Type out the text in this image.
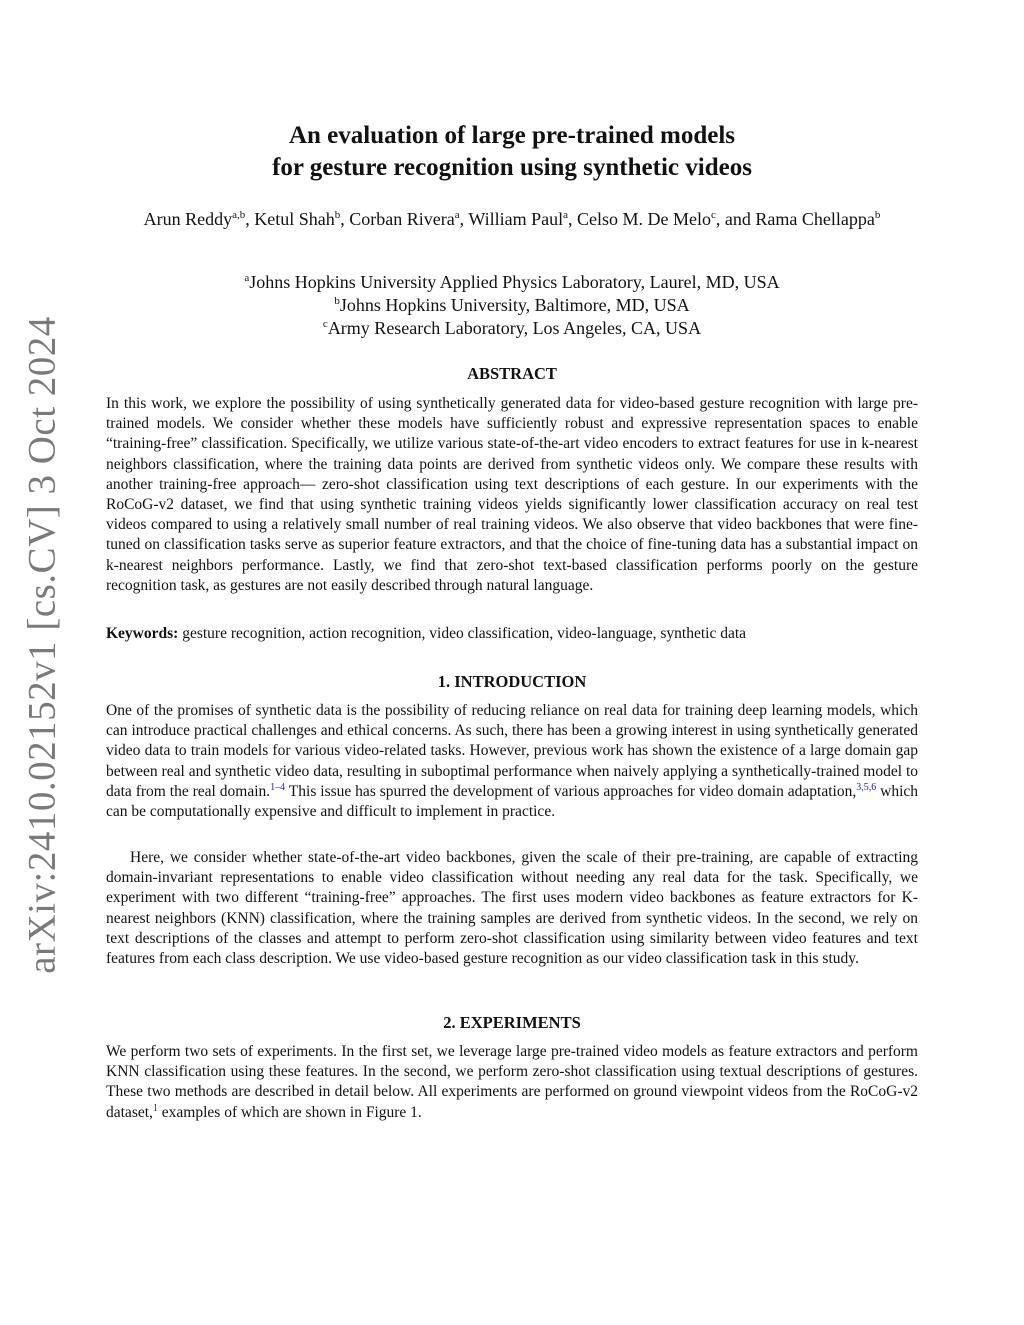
arXiv:2410.02152v1 [cs.CV] 3 Oct 2024
An evaluation of large pre-trained models
for gesture recognition using synthetic videos
Arun Reddy$^{a,b}$, Ketul Shah$^b$, Corban Rivera$^a$, William Paul$^a$, Celso M. De Melo$^c$, and Rama Chellappa$^b$
$^a$Johns Hopkins University Applied Physics Laboratory, Laurel, MD, USA
$^b$Johns Hopkins University, Baltimore, MD, USA
$^c$Army Research Laboratory, Los Angeles, CA, USA
ABSTRACT

In this work, we explore the possibility of using synthetically generated data for video-based gesture recognition with large pre-trained models. We consider whether these models have sufficiently robust and expressive representation spaces to enable “training-free” classification. Specifically, we utilize various state-of-the-art video encoders to extract features for use in k-nearest neighbors classification, where the training data points are derived from synthetic videos only. We compare these results with another training-free approach— zero-shot classification using text descriptions of each gesture. In our experiments with the RoCoG-v2 dataset, we find that using synthetic training videos yields significantly lower classification accuracy on real test videos compared to using a relatively small number of real training videos. We also observe that video backbones that were fine-tuned on classification tasks serve as superior feature extractors, and that the choice of fine-tuning data has a substantial impact on k-nearest neighbors performance. Lastly, we find that zero-shot text-based classification performs poorly on the gesture recognition task, as gestures are not easily described through natural language.

Keywords: gesture recognition, action recognition, video classification, video-language, synthetic data

1. INTRODUCTION

One of the promises of synthetic data is the possibility of reducing reliance on real data for training deep learning models, which can introduce practical challenges and ethical concerns. As such, there has been a growing interest in using synthetically generated video data to train models for various video-related tasks. However, previous work has shown the existence of a large domain gap between real and synthetic video data, resulting in suboptimal performance when naively applying a synthetically-trained model to data from the real domain.$^{1-4}$ This issue has spurred the development of various approaches for video domain adaptation,$^{3,5,6}$ which can be computationally expensive and difficult to implement in practice.

Here, we consider whether state-of-the-art video backbones, given the scale of their pre-training, are capable of extracting domain-invariant representations to enable video classification without needing any real data for the task. Specifically, we experiment with two different “training-free” approaches. The first uses modern video backbones as feature extractors for K-nearest neighbors (KNN) classification, where the training samples are derived from synthetic videos. In the second, we rely on text descriptions of the classes and attempt to perform zero-shot classification using similarity between video features and text features from each class description. We use video-based gesture recognition as our video classification task in this study.

2. EXPERIMENTS

We perform two sets of experiments. In the first set, we leverage large pre-trained video models as feature extractors and perform KNN classification using these features. In the second, we perform zero-shot classification using textual descriptions of gestures. These two methods are described in detail below. All experiments are performed on ground viewpoint videos from the RoCoG-v2 dataset,$^1$ examples of which are shown in Figure 1.
